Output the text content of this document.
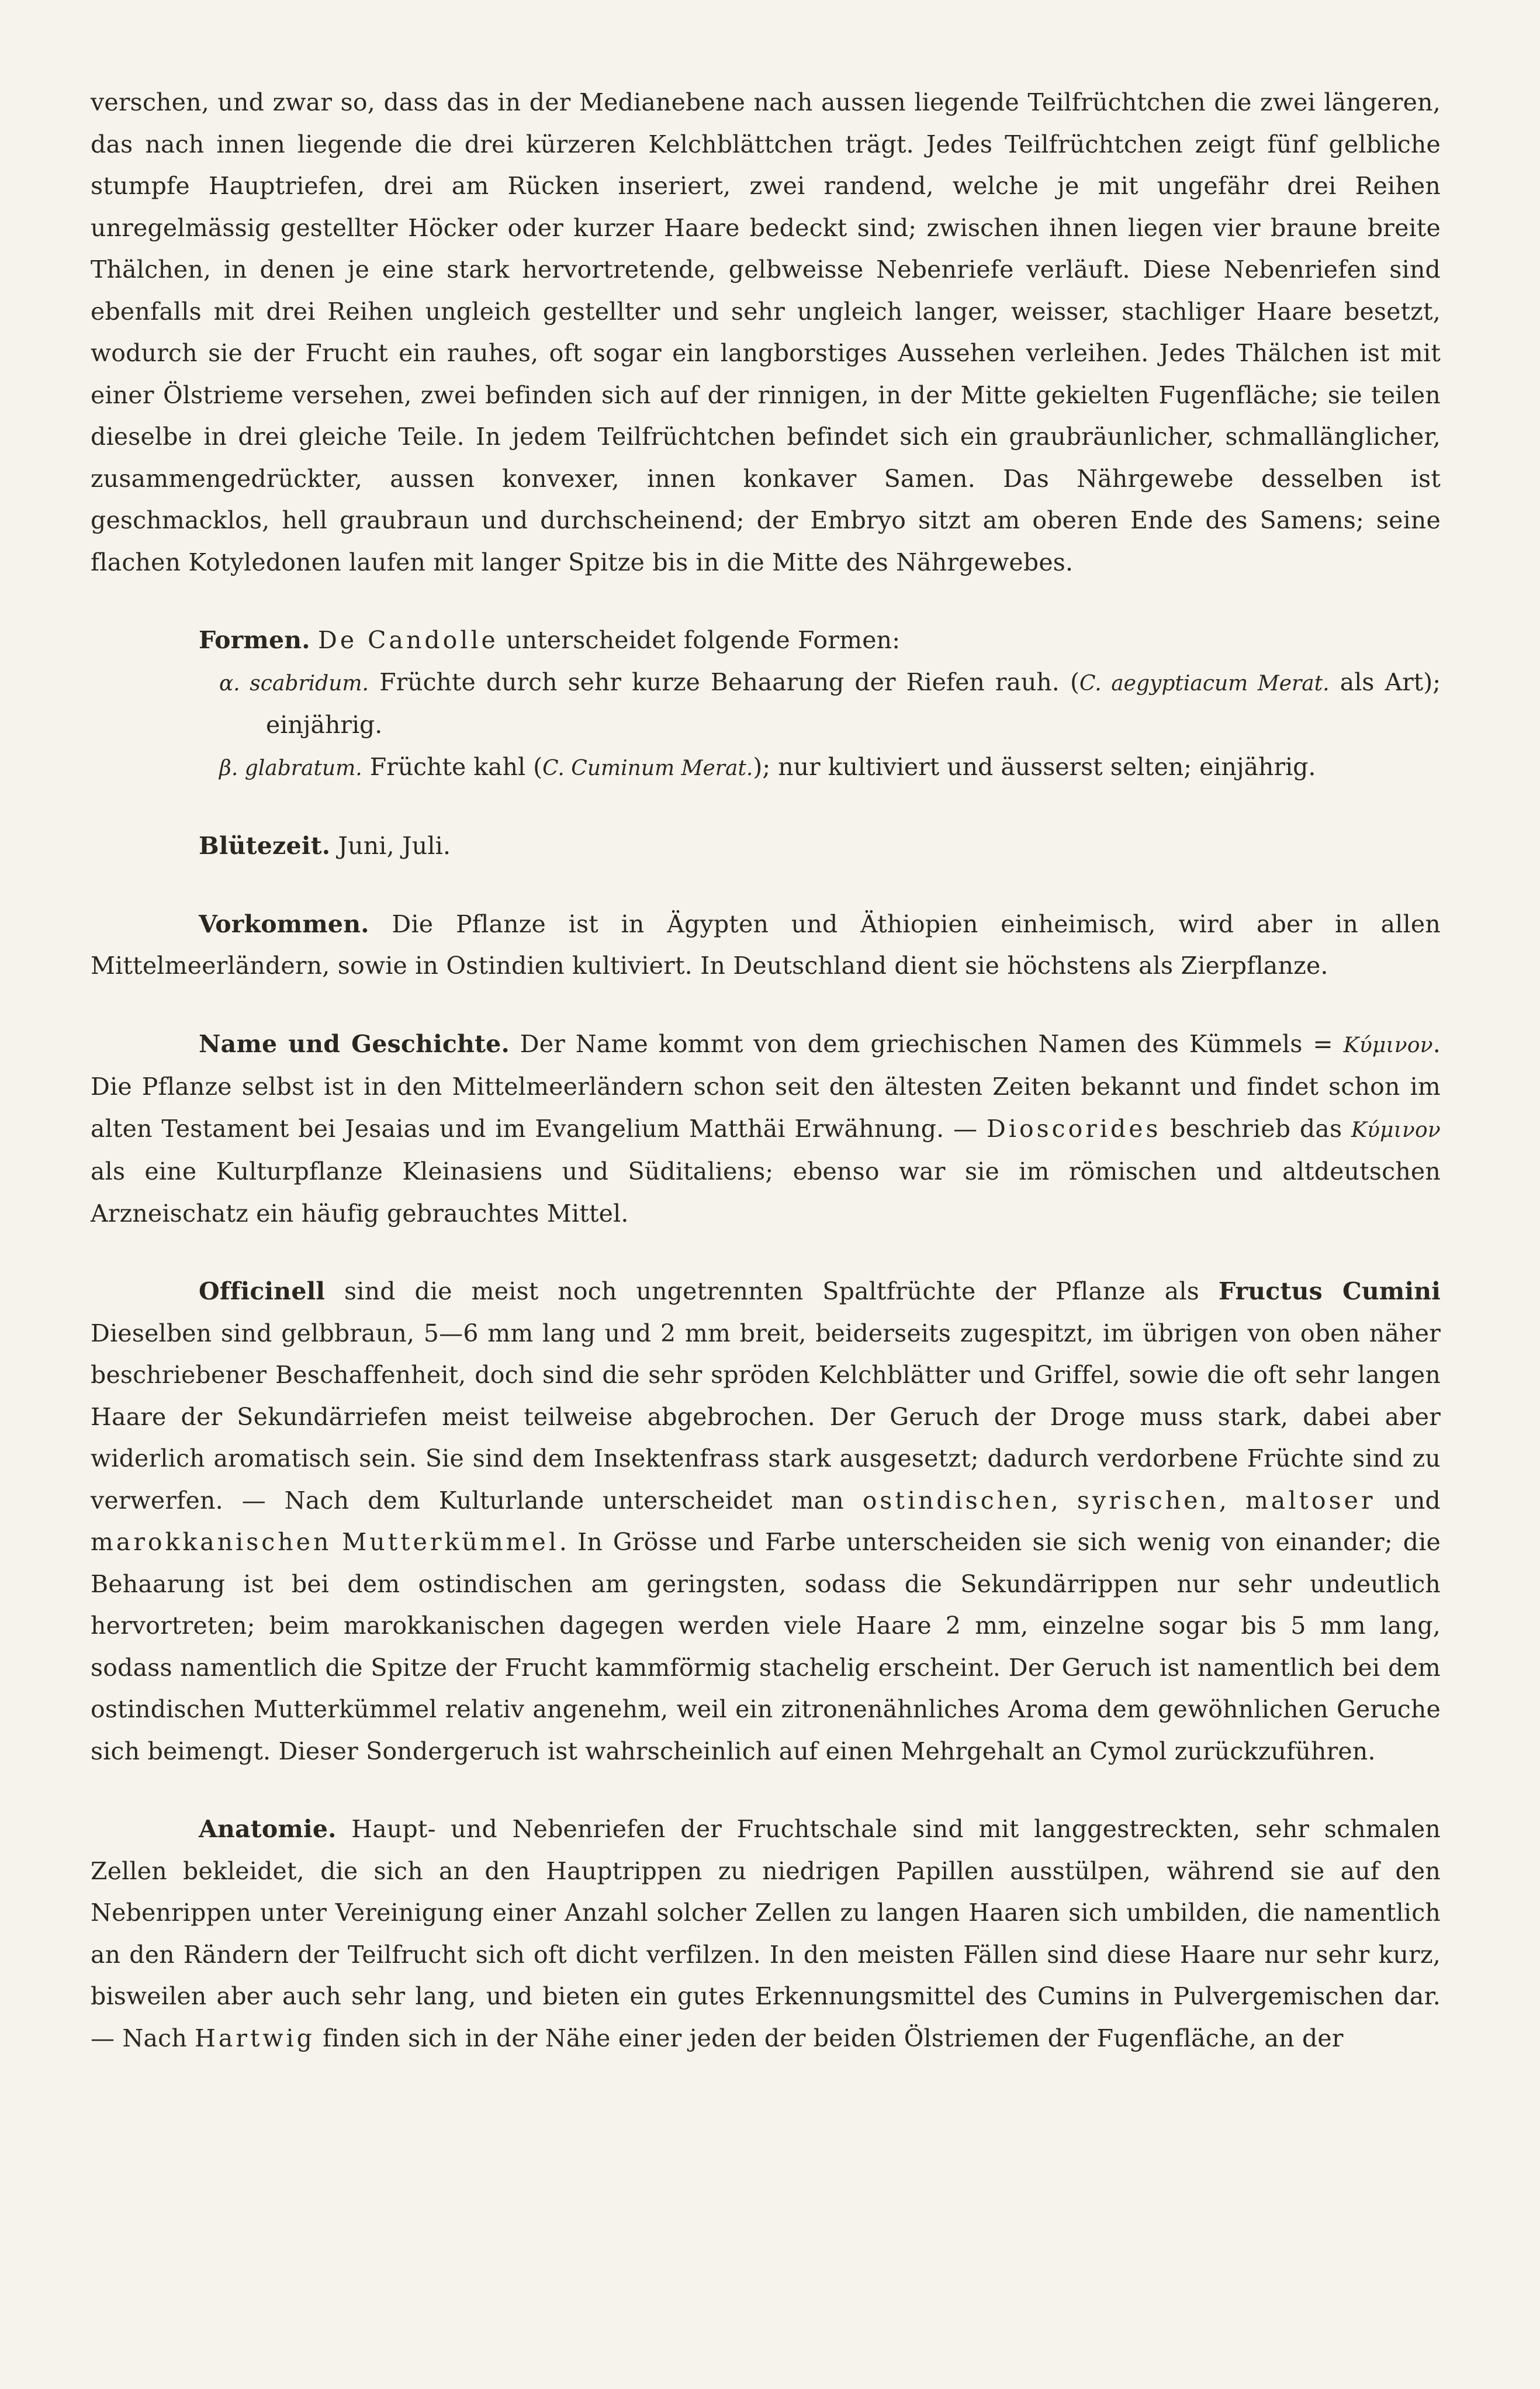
verschen, und zwar so, dass das in der Medianebene nach aussen liegende Teilfrüchtchen die zwei längeren, das nach innen liegende die drei kürzeren Kelchblättchen trägt. Jedes Teilfrüchtchen zeigt fünf gelbliche stumpfe Hauptriefen, drei am Rücken inseriert, zwei randend, welche je mit ungefähr drei Reihen unregelmässig gestellter Höcker oder kurzer Haare bedeckt sind; zwischen ihnen liegen vier braune breite Thälchen, in denen je eine stark hervortretende, gelbweisse Nebenriefe verläuft. Diese Nebenriefen sind ebenfalls mit drei Reihen ungleich gestellter und sehr ungleich langer, weisser, stachliger Haare besetzt, wodurch sie der Frucht ein rauhes, oft sogar ein langborstiges Aussehen verleihen. Jedes Thälchen ist mit einer Ölstrieme versehen, zwei befinden sich auf der rinnigen, in der Mitte gekielten Fugenfläche; sie teilen dieselbe in drei gleiche Teile. In jedem Teilfrüchtchen befindet sich ein graubräunlicher, schmallänglicher, zusammengedrückter, aussen konvexer, innen konkaver Samen. Das Nährgewebe desselben ist geschmacklos, hell graubraun und durchscheinend; der Embryo sitzt am oberen Ende des Samens; seine flachen Kotyledonen laufen mit langer Spitze bis in die Mitte des Nährgewebes.

Formen. De Candolle unterscheidet folgende Formen:

α. scabridum. Früchte durch sehr kurze Behaarung der Riefen rauh. (C. aegyptiacum Merat. als Art); einjährig.

β. glabratum. Früchte kahl (C. Cuminum Merat.); nur kultiviert und äusserst selten; einjährig.

Blütezeit. Juni, Juli.

Vorkommen. Die Pflanze ist in Ägypten und Äthiopien einheimisch, wird aber in allen Mittelmeerländern, sowie in Ostindien kultiviert. In Deutschland dient sie höchstens als Zierpflanze.

Name und Geschichte. Der Name kommt von dem griechischen Namen des Kümmels = Κύμινον. Die Pflanze selbst ist in den Mittelmeerländern schon seit den ältesten Zeiten bekannt und findet schon im alten Testament bei Jesaias und im Evangelium Matthäi Erwähnung. — Dioscorides beschrieb das Κύμινον als eine Kulturpflanze Kleinasiens und Süditaliens; ebenso war sie im römischen und altdeutschen Arzneischatz ein häufig gebrauchtes Mittel.

Officinell sind die meist noch ungetrennten Spaltfrüchte der Pflanze als Fructus Cumini Dieselben sind gelbbraun, 5—6 mm lang und 2 mm breit, beiderseits zugespitzt, im übrigen von oben näher beschriebener Beschaffenheit, doch sind die sehr spröden Kelchblätter und Griffel, sowie die oft sehr langen Haare der Sekundärriefen meist teilweise abgebrochen. Der Geruch der Droge muss stark, dabei aber widerlich aromatisch sein. Sie sind dem Insektenfrass stark ausgesetzt; dadurch verdorbene Früchte sind zu verwerfen. — Nach dem Kulturlande unterscheidet man ostindischen, syrischen, maltoser und marokkanischen Mutterkümmel. In Grösse und Farbe unterscheiden sie sich wenig von einander; die Behaarung ist bei dem ostindischen am geringsten, sodass die Sekundärrippen nur sehr undeutlich hervortreten; beim marokkanischen dagegen werden viele Haare 2 mm, einzelne sogar bis 5 mm lang, sodass namentlich die Spitze der Frucht kammförmig stachelig erscheint. Der Geruch ist namentlich bei dem ostindischen Mutterkümmel relativ angenehm, weil ein zitronenähnliches Aroma dem gewöhnlichen Geruche sich beimengt. Dieser Sondergeruch ist wahrscheinlich auf einen Mehrgehalt an Cymol zurückzuführen.

Anatomie. Haupt- und Nebenriefen der Fruchtschale sind mit langgestreckten, sehr schmalen Zellen bekleidet, die sich an den Hauptrippen zu niedrigen Papillen ausstülpen, während sie auf den Nebenrippen unter Vereinigung einer Anzahl solcher Zellen zu langen Haaren sich umbilden, die namentlich an den Rändern der Teilfrucht sich oft dicht verfilzen. In den meisten Fällen sind diese Haare nur sehr kurz, bisweilen aber auch sehr lang, und bieten ein gutes Erkennungsmittel des Cumins in Pulvergemischen dar. — Nach Hartwig finden sich in der Nähe einer jeden der beiden Ölstriemen der Fugenfläche, an der
